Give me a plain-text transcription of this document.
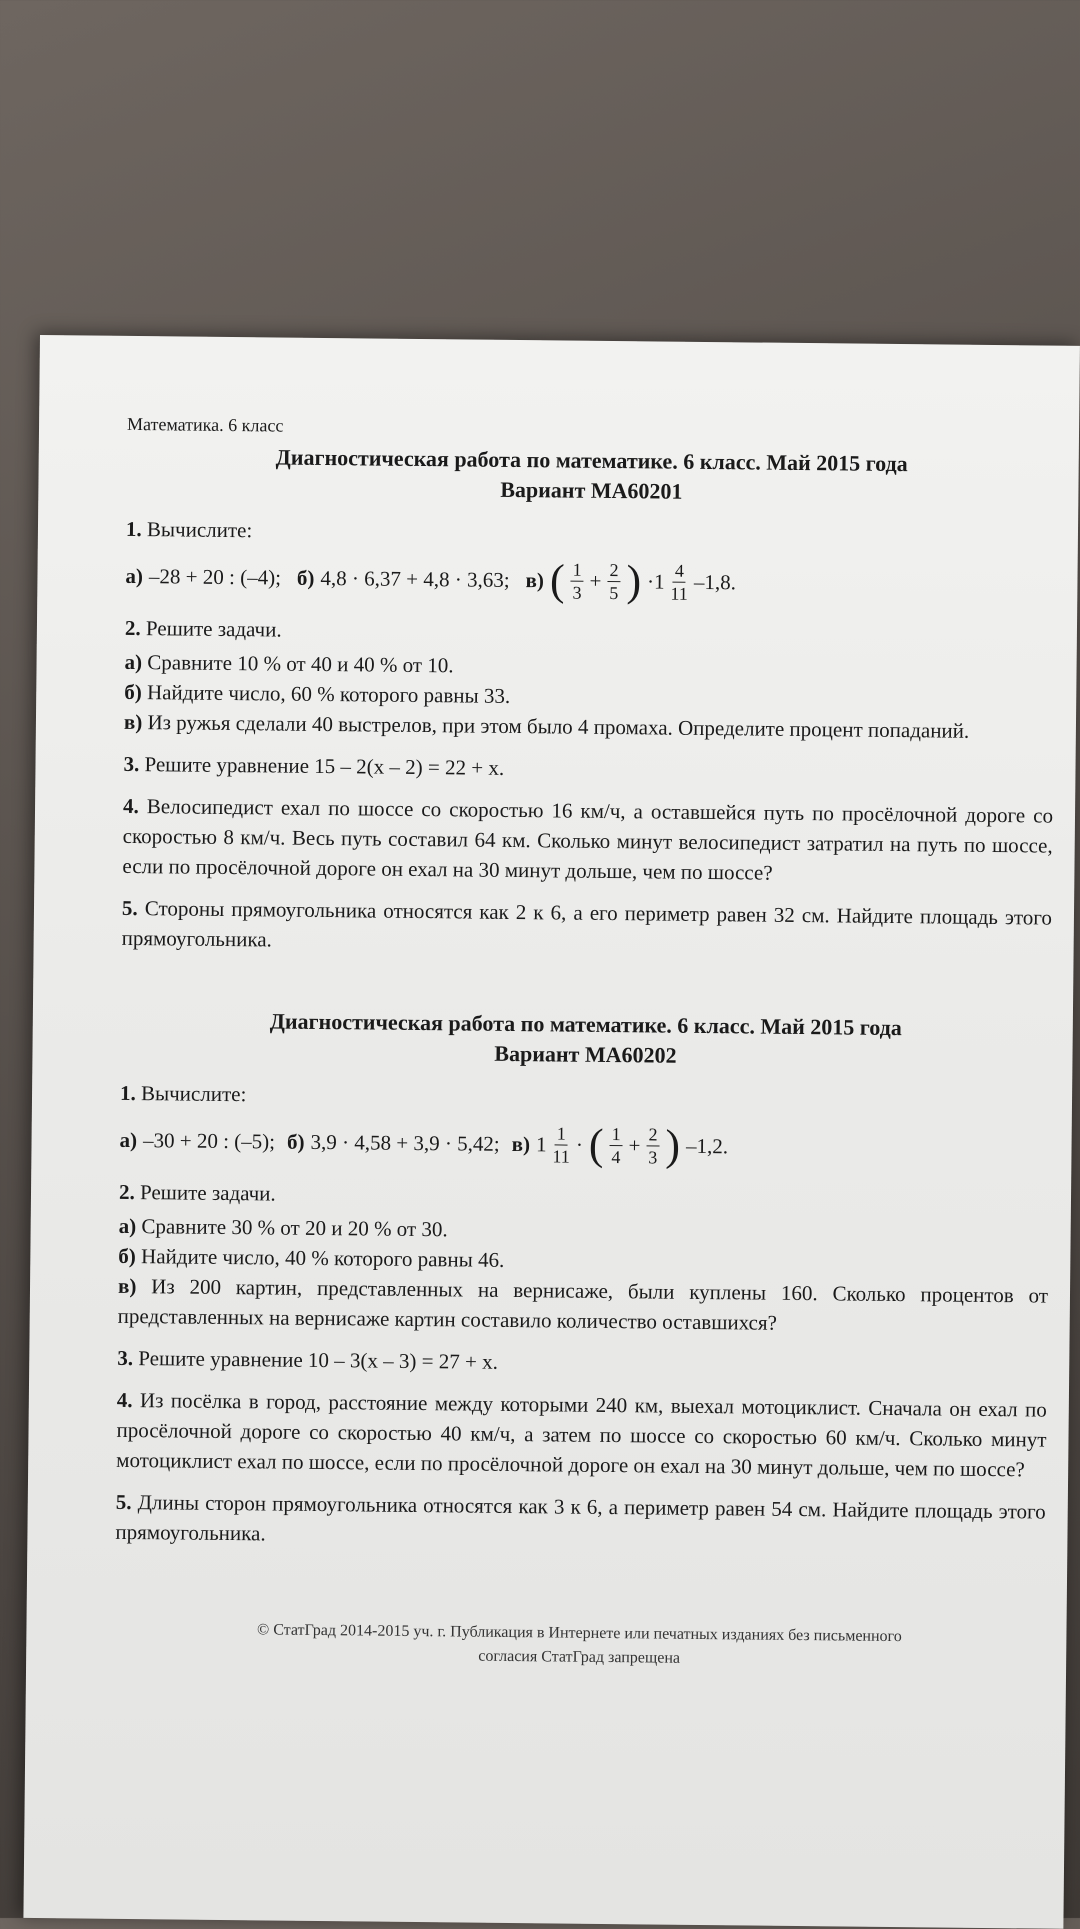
Математика. 6 класс

Диагностическая работа по математике. 6 класс. Май 2015 года

Вариант МА60201

1. Вычислите:

а) –28 + 20 : (–4); б) 4,8 · 6,37 + 4,8 · 3,63; в) ( $\frac{1}{3} + \frac{2}{5}$ ) $\cdot 1 \frac{4}{11} -1,8$.

2. Решите задачи.

а) Сравните 10 % от 40 и 40 % от 10.

б) Найдите число, 60 % которого равны 33.

в) Из ружья сделали 40 выстрелов, при этом было 4 промаха. Определите процент попаданий.

3. Решите уравнение 15 – 2(x – 2) = 22 + x.

4. Велосипедист ехал по шоссе со скоростью 16 км/ч, а оставшейся путь по просёлочной дороге со скоростью 8 км/ч. Весь путь составил 64 км. Сколько минут велосипедист затратил на путь по шоссе, если по просёлочной дороге он ехал на 30 минут дольше, чем по шоссе?

5. Стороны прямоугольника относятся как 2 к 6, а его периметр равен 32 см. Найдите площадь этого прямоугольника.

Диагностическая работа по математике. 6 класс. Май 2015 года

Вариант МА60202

1. Вычислите:

а) –30 + 20 : (–5); б) 3,9 · 4,58 + 3,9 · 5,42; в) $1 \frac{1}{11}$ · ( $\frac{1}{4} + \frac{2}{3}$ ) –1,2.

2. Решите задачи.

а) Сравните 30 % от 20 и 20 % от 30.

б) Найдите число, 40 % которого равны 46.

в) Из 200 картин, представленных на вернисаже, были куплены 160. Сколько процентов от представленных на вернисаже картин составило количество оставшихся?

3. Решите уравнение 10 – 3(x – 3) = 27 + x.

4. Из посёлка в город, расстояние между которыми 240 км, выехал мотоциклист. Сначала он ехал по просёлочной дороге со скоростью 40 км/ч, а затем по шоссе со скоростью 60 км/ч. Сколько минут мотоциклист ехал по шоссе, если по просёлочной дороге он ехал на 30 минут дольше, чем по шоссе?

5. Длины сторон прямоугольника относятся как 3 к 6, а периметр равен 54 см. Найдите площадь этого прямоугольника.

© СтатГрад 2014-2015 уч. г. Публикация в Интернете или печатных изданиях без письменного
согласия СтатГрад запрещена
